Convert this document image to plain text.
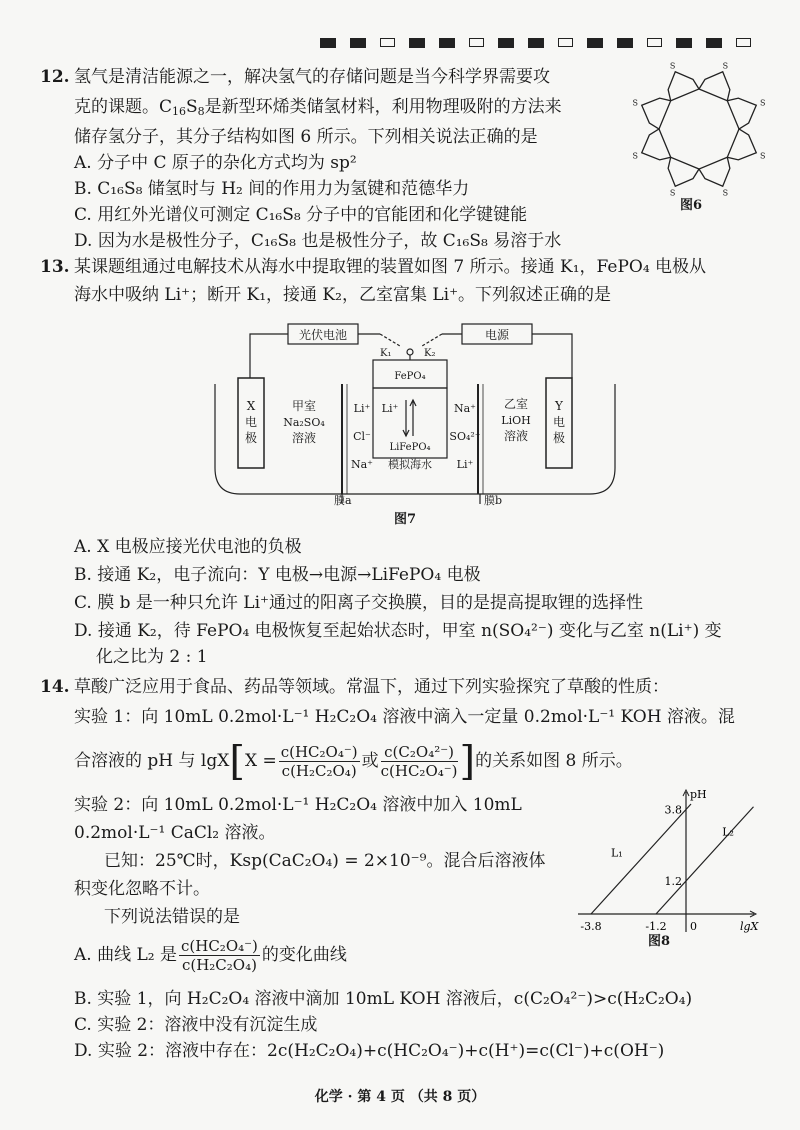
12. 氢气是清洁能源之一，解决氢气的存储问题是当今科学界需要攻
克的课题。$C_{16}S_8$是新型环烯类储氢材料，利用物理吸附的方法来
储存氢分子，其分子结构如图 6 所示。下列相关说法正确的是
A. 分子中 C 原子的杂化方式均为 sp²
B. C₁₆S₈ 储氢时与 H₂ 间的作用力为氢键和范德华力
C. 用红外光谱仪可测定 C₁₆S₈ 分子中的官能团和化学键键能
D. 因为水是极性分子，C₁₆S₈ 也是极性分子，故 C₁₆S₈ 易溶于水
S
S
S
S
S
S	S
S
图6
13. 某课题组通过电解技术从海水中提取锂的装置如图 7 所示。接通 K₁，FePO₄ 电极从
海水中吸纳 Li⁺；断开 K₁，接通 K₂，乙室富集 Li⁺。下列叙述正确的是
光伏电池	电源
K₁	K₂
FePO₄
LiFePO₄
X
电
极
Y
电
极
甲室
Na₂SO₄
溶液
乙室
LiOH
溶液
Li⁺ Li⁺
Cl⁻
Na⁺
Na⁺
SO₄²⁻
Li⁺
模拟海水
膜a	膜b
图7
A. X 电极应接光伏电池的负极
B. 接通 K₂，电子流向：Y 电极→电源→LiFePO₄ 电极
C. 膜 b 是一种只允许 Li⁺通过的阳离子交换膜，目的是提高提取锂的选择性
D. 接通 K₂，待 FePO₄ 电极恢复至起始状态时，甲室 n(SO₄²⁻) 变化与乙室 n(Li⁺) 变
化之比为 2 : 1
14. 草酸广泛应用于食品、药品等领域。常温下，通过下列实验探究了草酸的性质：
实验 1：向 10mL 0.2mol·L⁻¹ H₂C₂O₄ 溶液中滴入一定量 0.2mol·L⁻¹ KOH 溶液。混
合溶液的 pH 与 $\lg X[X = \frac{\text{c(HC₂O₄⁻)}}{\text{c(H₂C₂O₄)}}$ 或 $\frac{\text{c(C₂O₄²⁻)}}{\text{c(HC₂O₄⁻)}}$ ]的关系如图 8 所示。
实验 2：向 10mL 0.2mol·L⁻¹ H₂C₂O₄ 溶液中加入 10mL
0.2mol·L⁻¹ CaCl₂ 溶液。
已知：25℃时，Ksp(CaC₂O₄) = 2×10⁻⁹。混合后溶液体
积变化忽略不计。
下列说法错误的是
A. 曲线 L₂ 是 $\frac{\text{c(HC₂O₄⁻)}}{\text{c(H₂C₂O₄)}}$ 的变化曲线
B. 实验 1，向 H₂C₂O₄ 溶液中滴加 10mL KOH 溶液后，c(C₂O₄²⁻)>c(H₂C₂O₄)
C. 实验 2：溶液中没有沉淀生成
D. 实验 2：溶液中存在：2c(H₂C₂O₄)+c(HC₂O₄⁻)+c(H⁺)=c(Cl⁻)+c(OH⁻)
pH
lgX
L₁
L₂
-3.8	-1.2 0
3.8
1.2
图8
化学 · 第 4 页 （共 8 页）
